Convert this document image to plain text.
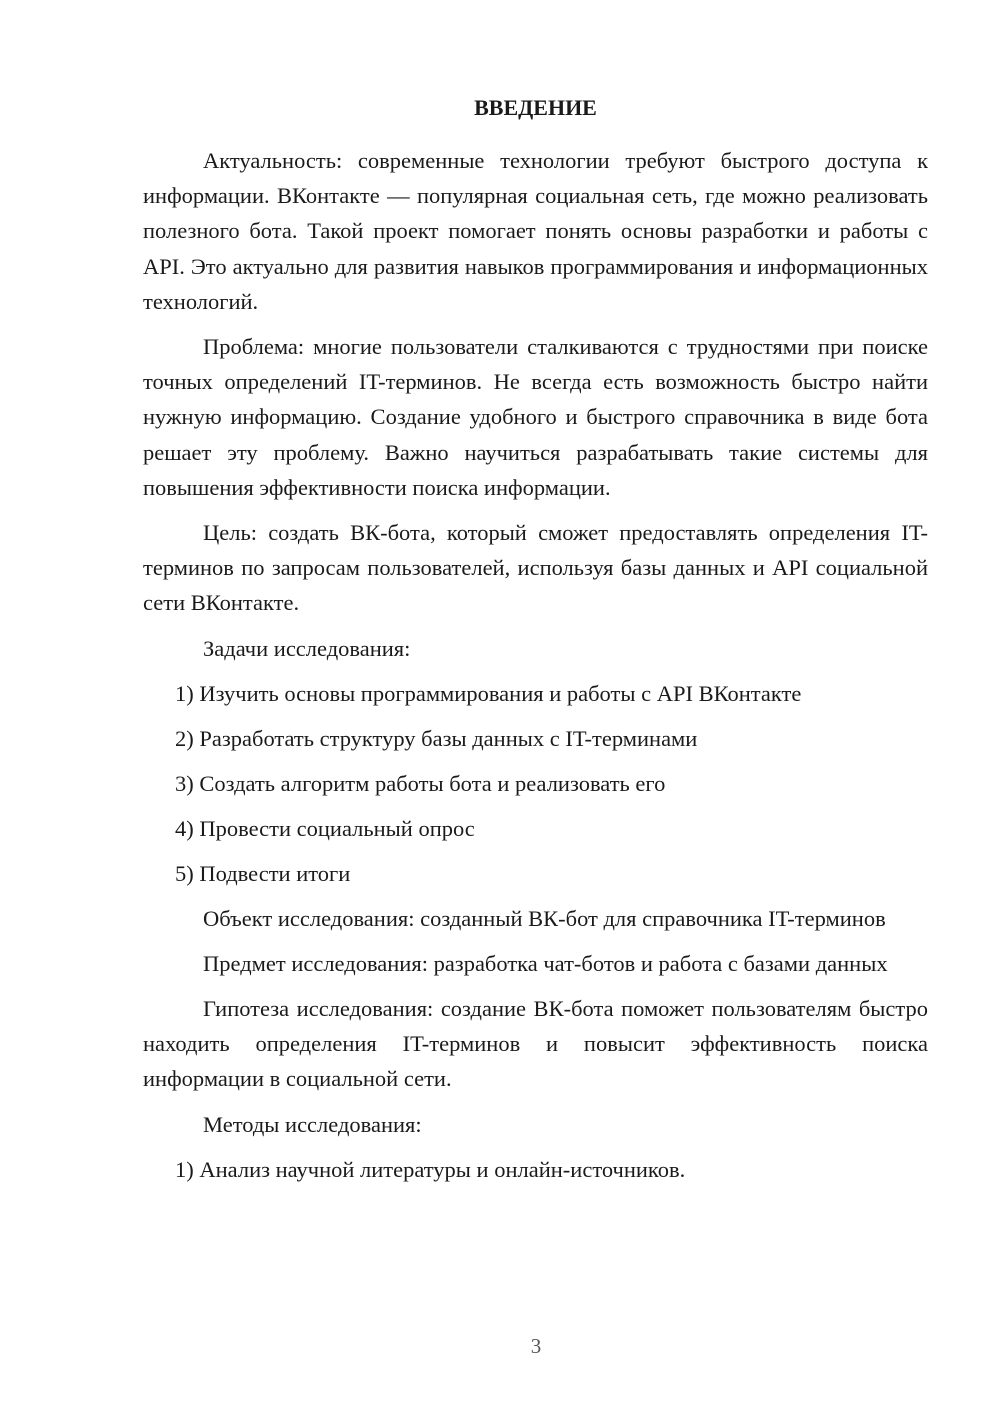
ВВЕДЕНИЕ

Актуальность: современные технологии требуют быстрого доступа к информации. ВКонтакте — популярная социальная сеть, где можно реализовать полезного бота. Такой проект помогает понять основы разработки и работы с API. Это актуально для развития навыков программирования и информационных технологий.

Проблема: многие пользователи сталкиваются с трудностями при поиске точных определений IT-терминов. Не всегда есть возможность быстро найти нужную информацию. Создание удобного и быстрого справочника в виде бота решает эту проблему. Важно научиться разрабатывать такие системы для повышения эффективности поиска информации.

Цель: создать ВК-бота, который сможет предоставлять определения IT-терминов по запросам пользователей, используя базы данных и API социальной сети ВКонтакте.

Задачи исследования:

1) Изучить основы программирования и работы с API ВКонтакте
2) Разработать структуру базы данных с IT-терминами
3) Создать алгоритм работы бота и реализовать его
4) Провести социальный опрос
5) Подвести итоги

Объект исследования: созданный ВК-бот для справочника IT-терминов

Предмет исследования: разработка чат-ботов и работа с базами данных

Гипотеза исследования: создание ВК-бота поможет пользователям быстро находить определения IT-терминов и повысит эффективность поиска информации в социальной сети.

Методы исследования:

1) Анализ научной литературы и онлайн-источников.
3
